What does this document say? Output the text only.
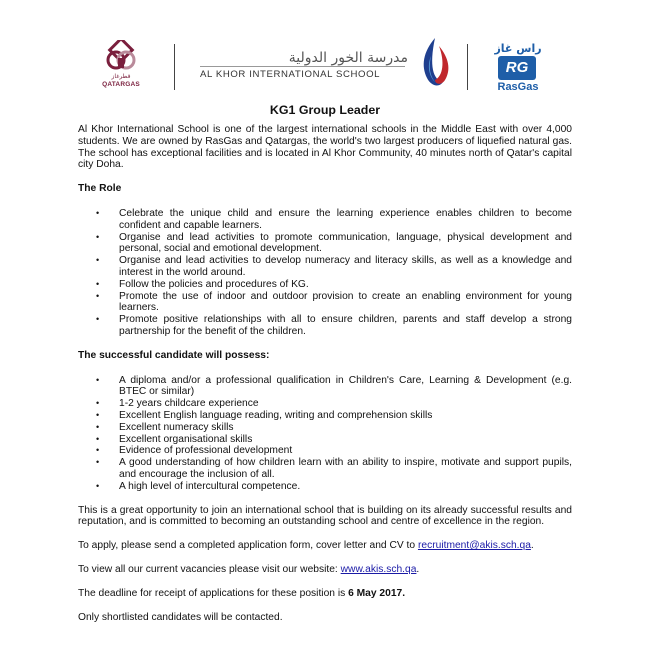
قطرغاز
QATARGAS
مدرسة الخور الدولية
AL KHOR INTERNATIONAL SCHOOL
راس غاز
RG
RasGas
KG1 Group Leader

Al Khor International School is one of the largest international schools in the Middle East with over 4,000 students. We are owned by RasGas and Qatargas, the world's two largest producers of liquefied natural gas. The school has exceptional facilities and is located in Al Khor Community, 40 minutes north of Qatar's capital city Doha.

The Role

• Celebrate the unique child and ensure the learning experience enables children to become confident and capable learners.
• Organise and lead activities to promote communication, language, physical development and personal, social and emotional development.
• Organise and lead activities to develop numeracy and literacy skills, as well as a knowledge and interest in the world around.
• Follow the policies and procedures of KG.
• Promote the use of indoor and outdoor provision to create an enabling environment for young learners.
• Promote positive relationships with all to ensure children, parents and staff develop a strong partnership for the benefit of the children.

The successful candidate will possess:

• A diploma and/or a professional qualification in Children's Care, Learning & Development (e.g. BTEC or similar)
• 1-2 years childcare experience
• Excellent English language reading, writing and comprehension skills
• Excellent numeracy skills
• Excellent organisational skills
• Evidence of professional development
• A good understanding of how children learn with an ability to inspire, motivate and support pupils, and encourage the inclusion of all.
• A high level of intercultural competence.

This is a great opportunity to join an international school that is building on its already successful results and reputation, and is committed to becoming an outstanding school and centre of excellence in the region.

To apply, please send a completed application form, cover letter and CV to recruitment@akis.sch.qa.

To view all our current vacancies please visit our website: www.akis.sch.qa.

The deadline for receipt of applications for these position is 6 May 2017.

Only shortlisted candidates will be contacted.
